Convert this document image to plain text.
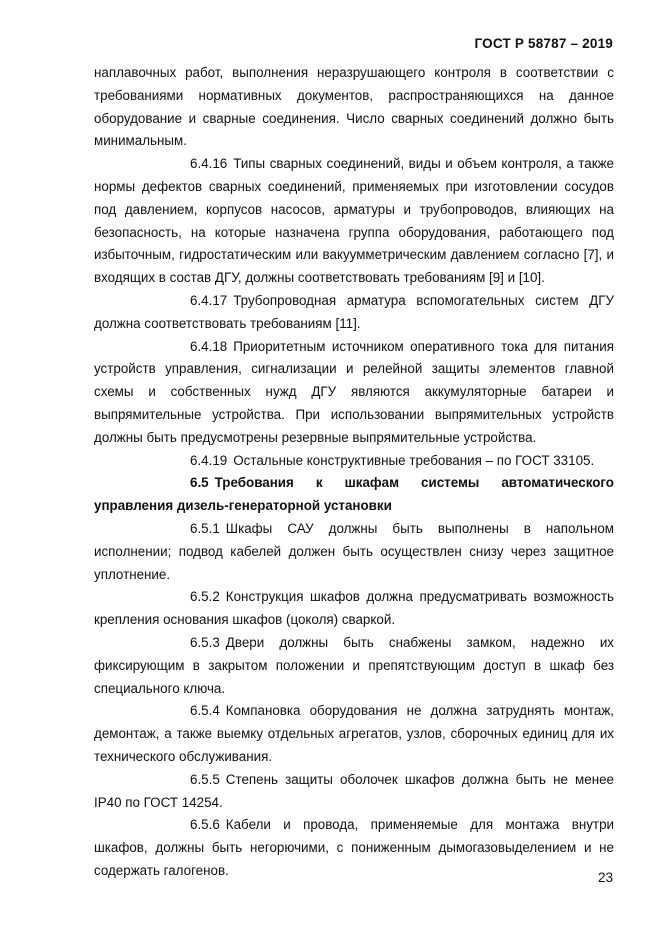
ГОСТ Р 58787 – 2019

наплавочных работ, выполнения неразрушающего контроля в соответствии с требованиями нормативных документов, распространяющихся на данное оборудование и сварные соединения. Число сварных соединений должно быть минимальным.

6.4.16 Типы сварных соединений, виды и объем контроля, а также нормы дефектов сварных соединений, применяемых при изготовлении сосудов под давлением, корпусов насосов, арматуры и трубопроводов, влияющих на безопасность, на которые назначена группа оборудования, работающего под избыточным, гидростатическим или вакуумметрическим давлением согласно [7], и входящих в состав ДГУ, должны соответствовать требованиям [9] и [10].

6.4.17 Трубопроводная арматура вспомогательных систем ДГУ должна соответствовать требованиям [11].

6.4.18 Приоритетным источником оперативного тока для питания устройств управления, сигнализации и релейной защиты элементов главной схемы и собственных нужд ДГУ являются аккумуляторные батареи и выпрямительные устройства. При использовании выпрямительных устройств должны быть предусмотрены резервные выпрямительные устройства.

6.4.19 Остальные конструктивные требования – по ГОСТ 33105.

6.5 Требования к шкафам системы автоматического управления дизель-генераторной установки

6.5.1 Шкафы САУ должны быть выполнены в напольном исполнении; подвод кабелей должен быть осуществлен снизу через защитное уплотнение.

6.5.2 Конструкция шкафов должна предусматривать возможность крепления основания шкафов (цоколя) сваркой.

6.5.3 Двери должны быть снабжены замком, надежно их фиксирующим в закрытом положении и препятствующим доступ в шкаф без специального ключа.

6.5.4 Компановка оборудования не должна затруднять монтаж, демонтаж, а также выемку отдельных агрегатов, узлов, сборочных единиц для их технического обслуживания.

6.5.5 Степень защиты оболочек шкафов должна быть не менее IP40 по ГОСТ 14254.

6.5.6 Кабели и провода, применяемые для монтажа внутри шкафов, должны быть негорючими, с пониженным дымогазовыделением и не содержать галогенов.	23
